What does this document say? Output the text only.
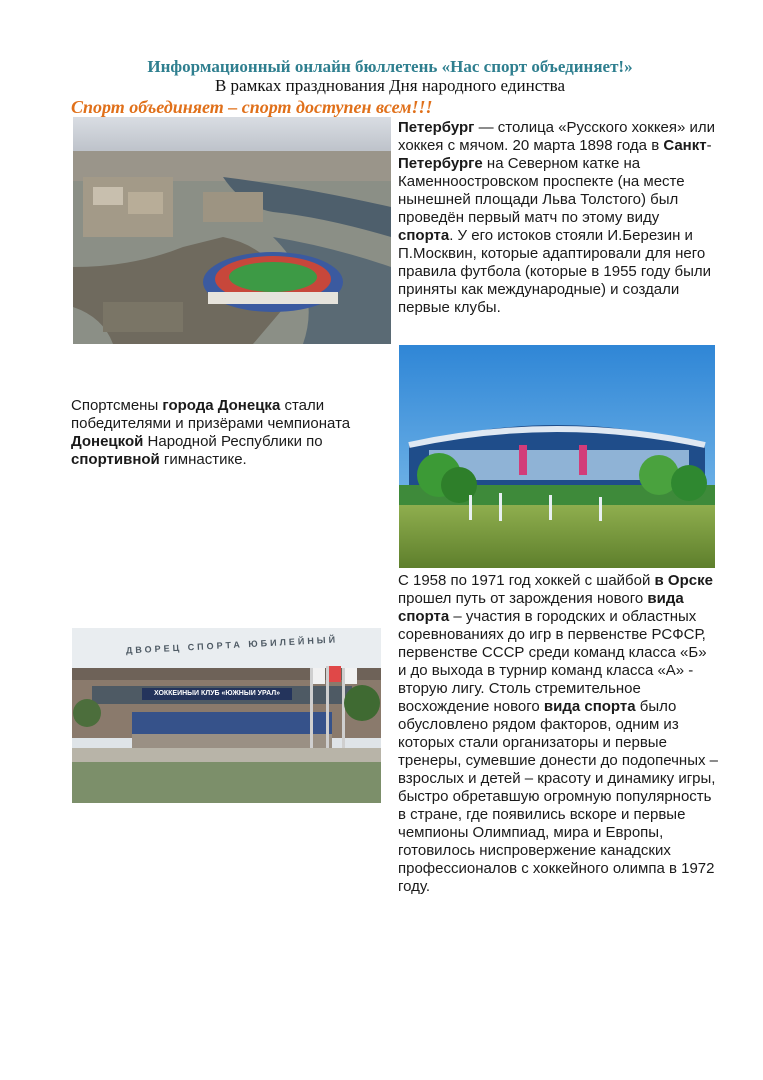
Информационный онлайн бюллетень «Нас спорт объединяет!»
В рамках празднования Дня народного единства
Спорт объединяет – спорт доступен всем!!!
Петербург — столица «Русского хоккея» или хоккея с мячом. 20 марта 1898 года в Санкт-Петербурге на Северном катке на Каменноостровском проспекте (на месте нынешней площади Льва Толстого) был проведён первый матч по этому виду спорта. У его истоков стояли И.Березин и П.Москвин, которые адаптировали для него правила футбола (которые в 1955 году были приняты как международные) и создали первые клубы.
Спортсмены города Донецка стали победителями и призёрами чемпионата Донецкой Народной Республики по спортивной гимнастике.
ДВОРЕЦ СПОРТА ЮБИЛЕЙНЫЙ
ХОККЕЙНЫЙ КЛУБ «ЮЖНЫЙ УРАЛ»
С 1958 по 1971 год хоккей с шайбой в Орске прошел путь от зарождения нового вида спорта – участия в городских и областных соревнованиях до игр в первенстве РСФСР, первенстве СССР среди команд класса «Б» и до выхода в турнир команд класса «А» - вторую лигу. Столь стремительное восхождение нового вида спорта было обусловлено рядом факторов, одним из которых стали организаторы и первые тренеры, сумевшие донести до подопечных – взрослых и детей – красоту и динамику игры, быстро обретавшую огромную популярность в стране, где появились вскоре и первые чемпионы Олимпиад, мира и Европы, готовилось ниспровержение канадских профессионалов с хоккейного олимпа в 1972 году.
